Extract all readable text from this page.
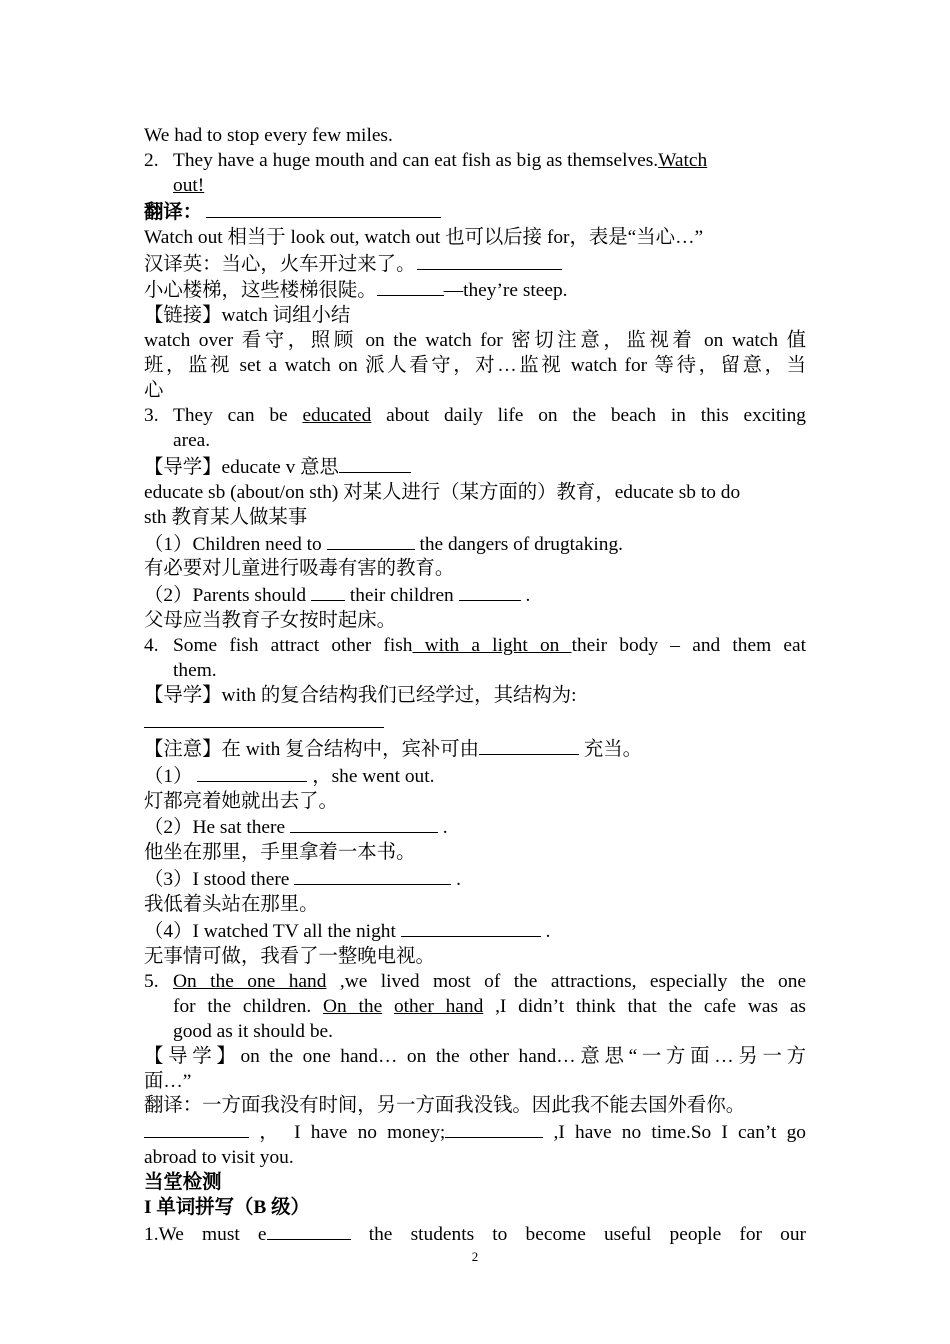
We had to stop every few miles.
2. They have a huge mouth and can eat fish as big as themselves.Watch
out!
翻译：
Watch out 相当于 look out, watch out 也可以后接 for，表是“当心…”
汉译英：当心，火车开过来了。
小心楼梯，这些楼梯很陡。	—they’re steep.
【链接】watch 词组小结
watch over 看守，照顾 on the watch for 密切注意，监视着 on watch 值
班，监视 set a watch on 派人看守，对…监视 watch for 等待，留意，当
心
3. They can be educated about daily life on the beach in this exciting
area.
【导学】educate v 意思
educate sb (about/on sth) 对某人进行（某方面的）教育，educate sb to do
sth 教育某人做某事
（1）Children need to	the dangers of drugtaking.
有必要对儿童进行吸毒有害的教育。
（2）Parents should their children	.
父母应当教育子女按时起床。
4. Some fish attract other fish with a light on their body – and them eat
them.
【导学】with 的复合结构我们已经学过，其结构为:
【注意】在 with 复合结构中，宾补可由	充当。
（1）	，she went out.
灯都亮着她就出去了。
（2）He sat there	.
他坐在那里，手里拿着一本书。
（3）I stood there	.
我低着头站在那里。
（4）I watched TV all the night	.
无事情可做，我看了一整晚电视。
5. On the one hand ,we lived most of the attractions, especially the one
for the children. On the other hand ,I didn’t think that the cafe was as
good as it should be.
【导学】on the one hand… on the other hand…意思“一方面…另一方
面…”
翻译：一方面我没有时间，另一方面我没钱。因此我不能去国外看你。
， I have no money;	,I have no time.So I can’t go
abroad to visit you.
当堂检测
I 单词拼写（B 级）
1.We must e	the students to become useful people for our
2
